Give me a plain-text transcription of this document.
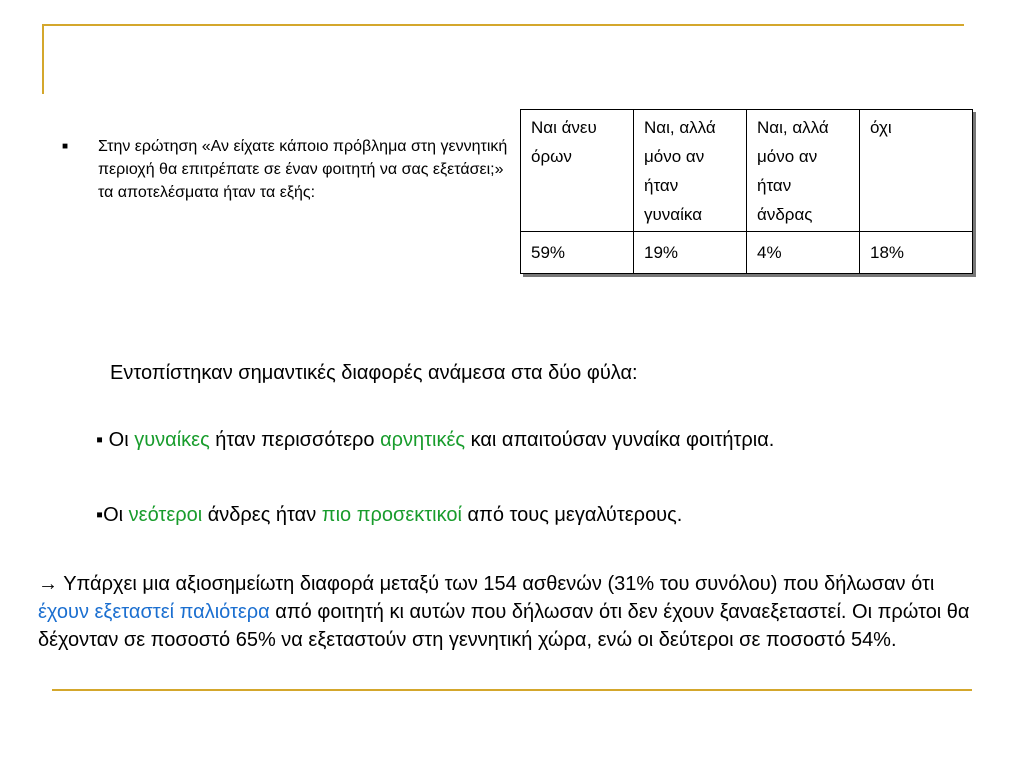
■ Στην ερώτηση «Αν είχατε κάποιο πρόβλημα στη γεννητική περιοχή θα επιτρέπατε σε έναν φοιτητή να σας εξετάσει;» τα αποτελέσματα ήταν τα εξής:
Ναι άνευ όρων	Ναι, αλλά μόνο αν ήταν γυναίκα	Ναι, αλλά μόνο αν ήταν άνδρας	όχι
59%	19%	4%	18%
Εντοπίστηκαν σημαντικές διαφορές ανάμεσα στα δύο φύλα:
▪ Οι γυναίκες ήταν περισσότερο αρνητικές και απαιτούσαν γυναίκα φοιτήτρια.
▪Οι νεότεροι άνδρες ήταν πιο προσεκτικοί από τους μεγαλύτερους.
→ Υπάρχει μια αξιοσημείωτη διαφορά μεταξύ των 154 ασθενών (31% του συνόλου) που δήλωσαν ότι έχουν εξεταστεί παλιότερα από φοιτητή κι αυτών που δήλωσαν ότι δεν έχουν ξαναεξεταστεί. Οι πρώτοι θα δέχονταν σε ποσοστό 65% να εξεταστούν στη γεννητική χώρα, ενώ οι δεύτεροι σε ποσοστό 54%.
